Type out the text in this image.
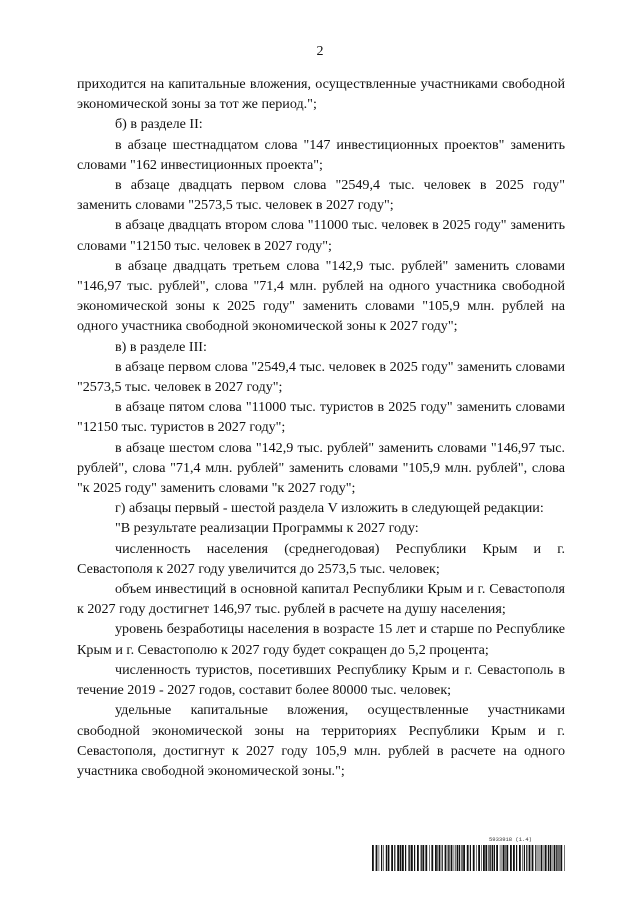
2

приходится на капитальные вложения, осуществленные участниками свободной экономической зоны за тот же период.";

б) в разделе II:

в абзаце шестнадцатом слова "147 инвестиционных проектов" заменить словами "162 инвестиционных проекта";

в абзаце двадцать первом слова "2549,4 тыс. человек в 2025 году" заменить словами "2573,5 тыс. человек в 2027 году";

в абзаце двадцать втором слова "11000 тыс. человек в 2025 году" заменить словами "12150 тыс. человек в 2027 году";

в абзаце двадцать третьем слова "142,9 тыс. рублей" заменить словами "146,97 тыс. рублей", слова "71,4 млн. рублей на одного участника свободной экономической зоны к 2025 году" заменить словами "105,9 млн. рублей на одного участника свободной экономической зоны к 2027 году";

в) в разделе III:

в абзаце первом слова "2549,4 тыс. человек в 2025 году" заменить словами "2573,5 тыс. человек в 2027 году";

в абзаце пятом слова "11000 тыс. туристов в 2025 году" заменить словами "12150 тыс. туристов в 2027 году";

в абзаце шестом слова "142,9 тыс. рублей" заменить словами "146,97 тыс. рублей", слова "71,4 млн. рублей" заменить словами "105,9 млн. рублей", слова "к 2025 году" заменить словами "к 2027 году";

г) абзацы первый - шестой раздела V изложить в следующей редакции:

"В результате реализации Программы к 2027 году:

численность населения (среднегодовая) Республики Крым и г. Севастополя к 2027 году увеличится до 2573,5 тыс. человек;

объем инвестиций в основной капитал Республики Крым и г. Севастополя к 2027 году достигнет 146,97 тыс. рублей в расчете на душу населения;

уровень безработицы населения в возрасте 15 лет и старше по Республике Крым и г. Севастополю к 2027 году будет сокращен до 5,2 процента;

численность туристов, посетивших Республику Крым и г. Севастополь в течение 2019 - 2027 годов, составит более 80000 тыс. человек;

удельные капитальные вложения, осуществленные участниками свободной экономической зоны на территориях Республики Крым и г. Севастополя, достигнут к 2027 году 105,9 млн. рублей в расчете на одного участника свободной экономической зоны.";

5933918 (1.4)
